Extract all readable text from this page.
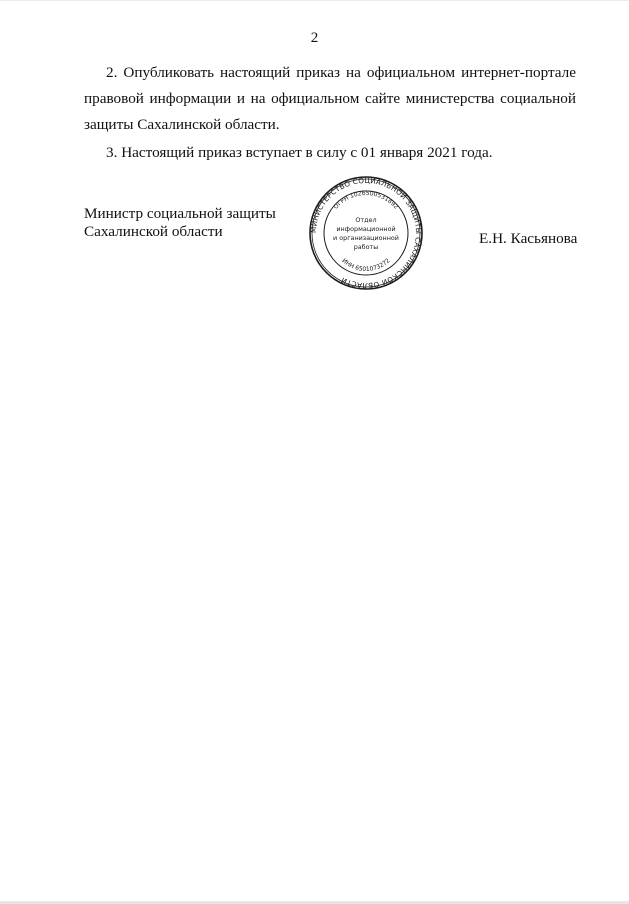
2

2. Опубликовать настоящий приказ на официальном интернет-портале правовой информации и на официальном сайте министерства социальной защиты Сахалинской области.

3. Настоящий приказ вступает в силу с 01 января 2021 года.

Министр социальной защиты
Сахалинской области	МИНИСТЕРСТВО СОЦИАЛЬНОЙ ЗАЩИТЫ САХАЛИНСКОЙ ОБЛАСТИ
ОГРН 1026500531892
ИНН 6501073272
Отдел
информационной
и организационной
работы	Е.Н. Касьянова
